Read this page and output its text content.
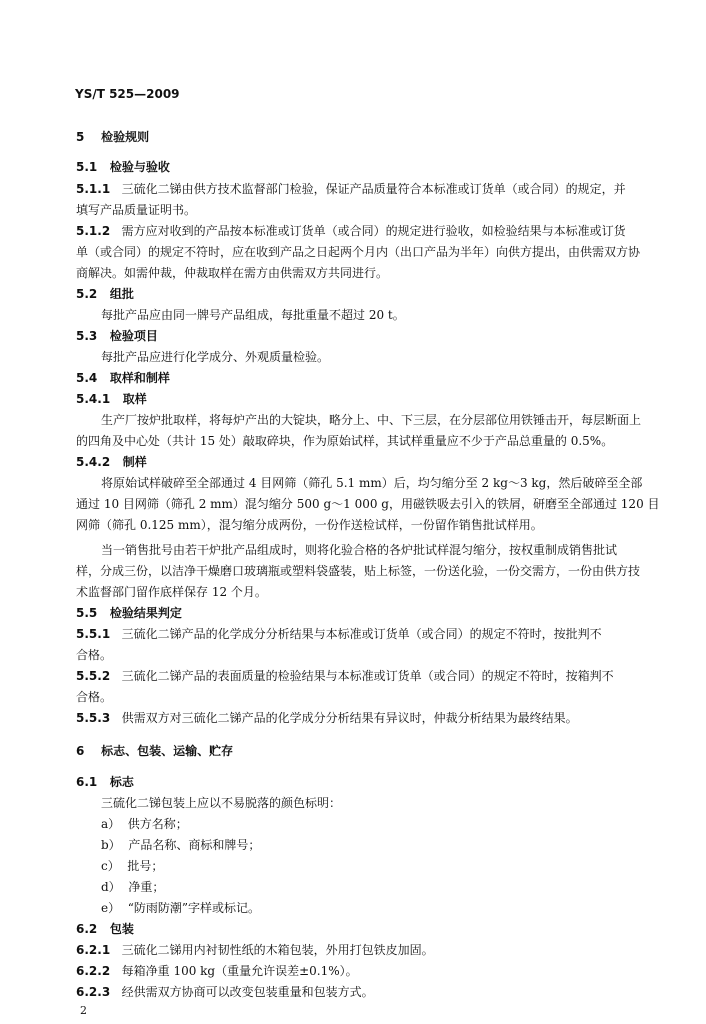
YS/T 525—2009
5 检验规则
5.1 检验与验收
5.1.1 三硫化二锑由供方技术监督部门检验，保证产品质量符合本标准或订货单（或合同）的规定，并
填写产品质量证明书。
5.1.2 需方应对收到的产品按本标准或订货单（或合同）的规定进行验收，如检验结果与本标准或订货
单（或合同）的规定不符时，应在收到产品之日起两个月内（出口产品为半年）向供方提出，由供需双方协
商解决。如需仲裁，仲裁取样在需方由供需双方共同进行。
5.2 组批
每批产品应由同一牌号产品组成，每批重量不超过 20 t。
5.3 检验项目
每批产品应进行化学成分、外观质量检验。
5.4 取样和制样
5.4.1 取样
生产厂按炉批取样，将每炉产出的大锭块，略分上、中、下三层，在分层部位用铁锤击开，每层断面上
的四角及中心处（共计 15 处）敲取碎块，作为原始试样，其试样重量应不少于产品总重量的 0.5%。
5.4.2 制样
将原始试样破碎至全部通过 4 目网筛（筛孔 5.1 mm）后，均匀缩分至 2 kg～3 kg，然后破碎至全部
通过 10 目网筛（筛孔 2 mm）混匀缩分 500 g～1 000 g，用磁铁吸去引入的铁屑，研磨至全部通过 120 目
网筛（筛孔 0.125 mm），混匀缩分成两份，一份作送检试样，一份留作销售批试样用。
当一销售批号由若干炉批产品组成时，则将化验合格的各炉批试样混匀缩分，按权重制成销售批试
样，分成三份，以洁净干燥磨口玻璃瓶或塑料袋盛装，贴上标签，一份送化验，一份交需方，一份由供方技
术监督部门留作底样保存 12 个月。
5.5 检验结果判定
5.5.1 三硫化二锑产品的化学成分分析结果与本标准或订货单（或合同）的规定不符时，按批判不
合格。
5.5.2 三硫化二锑产品的表面质量的检验结果与本标准或订货单（或合同）的规定不符时，按箱判不
合格。
5.5.3 供需双方对三硫化二锑产品的化学成分分析结果有异议时，仲裁分析结果为最终结果。
6 标志、包装、运输、贮存
6.1 标志
三硫化二锑包装上应以不易脱落的颜色标明：
a） 供方名称；
b） 产品名称、商标和牌号；
c） 批号；
d） 净重；
e） “防雨防潮”字样或标记。
6.2 包装
6.2.1 三硫化二锑用内衬韧性纸的木箱包装，外用打包铁皮加固。
6.2.2 每箱净重 100 kg（重量允许误差±0.1%）。
6.2.3 经供需双方协商可以改变包装重量和包装方式。
2
